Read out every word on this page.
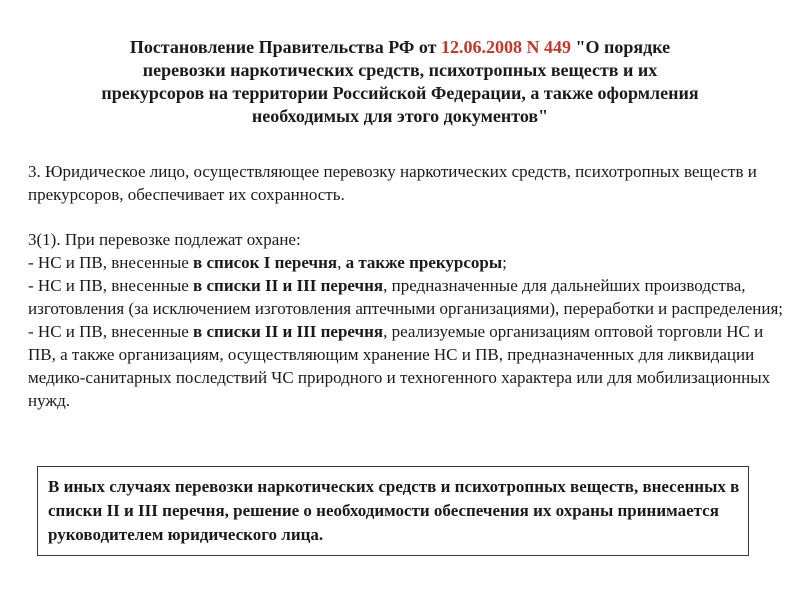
Постановление Правительства РФ от 12.06.2008 N 449 "О порядке перевозки наркотических средств, психотропных веществ и их прекурсоров на территории Российской Федерации, а также оформления необходимых для этого документов"

3. Юридическое лицо, осуществляющее перевозку наркотических средств, психотропных веществ и прекурсоров, обеспечивает их сохранность.

3(1). При перевозке подлежат охране:
- НС и ПВ, внесенные в список I перечня, а также прекурсоры;
- НС и ПВ, внесенные в списки II и III перечня, предназначенные для дальнейших производства, изготовления (за исключением изготовления аптечными организациями), переработки и распределения;
- НС и ПВ, внесенные в списки II и III перечня, реализуемые организациям оптовой торговли НС и ПВ, а также организациям, осуществляющим хранение НС и ПВ, предназначенных для ликвидации медико-санитарных последствий ЧС природного и техногенного характера или для мобилизационных нужд.

В иных случаях перевозки наркотических средств и психотропных веществ, внесенных в списки II и III перечня, решение о необходимости обеспечения их охраны принимается руководителем юридического лица.
